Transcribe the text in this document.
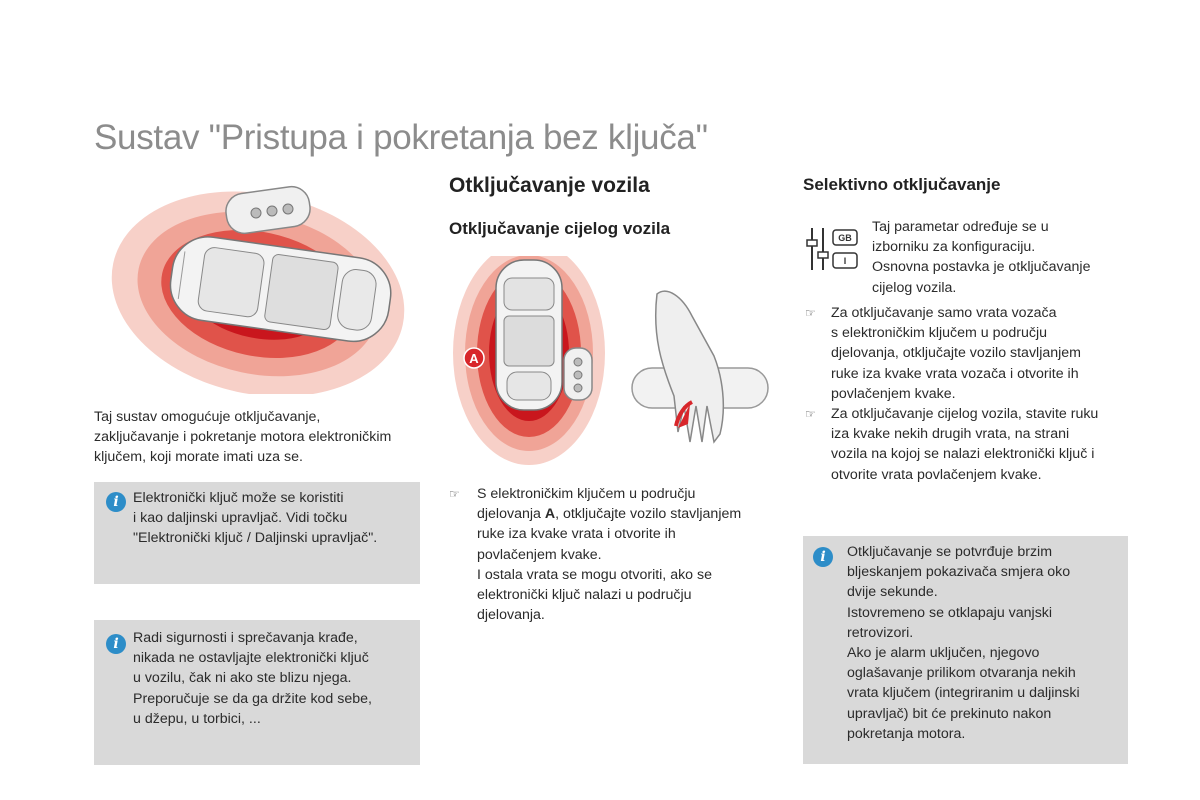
Sustav "Pristupa i pokretanja bez ključa"
Taj sustav omogućuje otključavanje,
zaključavanje i pokretanje motora elektroničkim
ključem, koji morate imati uza se.
i	Elektronički ključ može se koristiti
i kao daljinski upravljač. Vidi točku
"Elektronički ključ / Daljinski upravljač".
i	Radi sigurnosti i sprečavanja krađe,
nikada ne ostavljajte elektronički ključ
u vozilu, čak ni ako ste blizu njega.
Preporučuje se da ga držite kod sebe,
u džepu, u torbici, ...
Otključavanje vozila
Otključavanje cijelog vozila
A
☞ S elektroničkim ključem u području
djelovanja A, otključajte vozilo stavljanjem
ruke iza kvake vrata i otvorite ih
povlačenjem kvake.
I ostala vrata se mogu otvoriti, ako se
elektronički ključ nalazi u području
djelovanja.
Selektivno otključavanje
GB
I
Taj parametar određuje se u
izborniku za konfiguraciju.
Osnovna postavka je otključavanje
cijelog vozila.
☞	Za otključavanje samo vrata vozača
s elektroničkim ključem u području
djelovanja, otključajte vozilo stavljanjem
ruke iza kvake vrata vozača i otvorite ih
povlačenjem kvake.
☞	Za otključavanje cijelog vozila, stavite ruku
iza kvake nekih drugih vrata, na strani
vozila na kojoj se nalazi elektronički ključ i
otvorite vrata povlačenjem kvake.
i	Otključavanje se potvrđuje brzim
bljeskanjem pokazivača smjera oko
dvije sekunde.
Istovremeno se otklapaju vanjski
retrovizori.
Ako je alarm uključen, njegovo
oglašavanje prilikom otvaranja nekih
vrata ključem (integriranim u daljinski
upravljač) bit će prekinuto nakon
pokretanja motora.
